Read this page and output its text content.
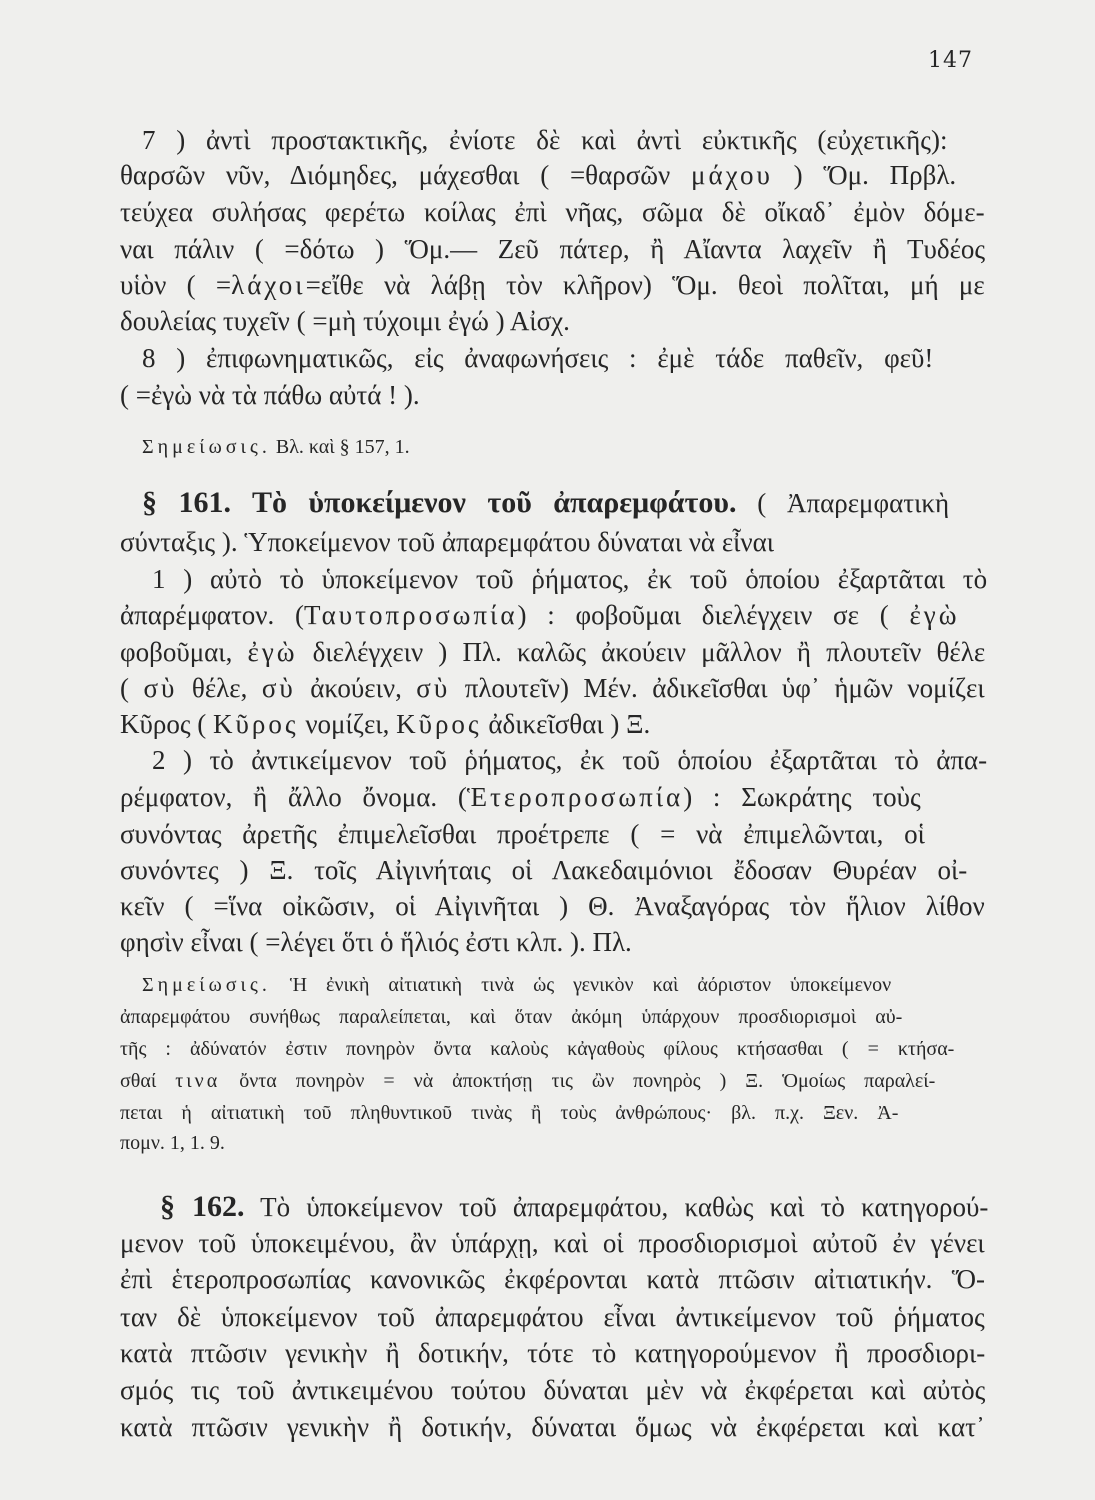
147
7 ) ἀντὶ προστακτικῆς, ἐνίοτε δὲ καὶ ἀντὶ εὐκτικῆς (εὐχετικῆς):
θαρσῶν νῦν, Διόμηδες, μάχεσθαι ( =θαρσῶν μάχου ) Ὅμ. Πρβλ.
τεύχεα συλήσας φερέτω κοίλας ἐπὶ νῆας, σῶμα δὲ οἴκαδ᾽ ἐμὸν δόμε-
ναι πάλιν ( =δότω ) Ὅμ.— Ζεῦ πάτερ, ἢ Αἴαντα λαχεῖν ἢ Τυδέος
υἱὸν ( =λάχοι=εἴθε νὰ λάβῃ τὸν κλῆρον) Ὅμ. θεοὶ πολῖται, μή με
δουλείας τυχεῖν ( =μὴ τύχοιμι ἐγώ ) Αἰσχ.
8 ) ἐπιφωνηματικῶς, εἰς ἀναφωνήσεις : ἐμὲ τάδε παθεῖν, φεῦ!
( =ἐγὼ νὰ τὰ πάθω αὐτά ! ).
Σημείωσις. Βλ. καὶ § 157, 1.
§ 161. Τὸ ὑποκείμενον τοῦ ἀπαρεμφάτου. ( Ἀπαρεμφατικὴ
σύνταξις ). Ὑποκείμενον τοῦ ἀπαρεμφάτου δύναται νὰ εἶναι
1 ) αὐτὸ τὸ ὑποκείμενον τοῦ ῥήματος, ἐκ τοῦ ὁποίου ἐξαρτᾶται τὸ
ἀπαρέμφατον. (Ταυτοπροσωπία) : φοβοῦμαι διελέγχειν σε ( ἐγὼ
φοβοῦμαι, ἐγὼ διελέγχειν ) Πλ. καλῶς ἀκούειν μᾶλλον ἢ πλουτεῖν θέλε
( σὺ θέλε, σὺ ἀκούειν, σὺ πλουτεῖν) Μέν. ἀδικεῖσθαι ὑφ᾽ ἡμῶν νομίζει
Κῦρος ( Κῦρος νομίζει, Κῦρος ἀδικεῖσθαι ) Ξ.
2 ) τὸ ἀντικείμενον τοῦ ῥήματος, ἐκ τοῦ ὁποίου ἐξαρτᾶται τὸ ἀπα-
ρέμφατον, ἢ ἄλλο ὄνομα. (Ἑτεροπροσωπία) : Σωκράτης τοὺς
συνόντας ἀρετῆς ἐπιμελεῖσθαι προέτρεπε ( = νὰ ἐπιμελῶνται, οἱ
συνόντες ) Ξ. τοῖς Αἰγινήταις οἱ Λακεδαιμόνιοι ἔδοσαν Θυρέαν οἰ-
κεῖν ( =ἵνα οἰκῶσιν, οἱ Αἰγινῆται ) Θ. Ἀναξαγόρας τὸν ἥλιον λίθον
φησὶν εἶναι ( =λέγει ὅτι ὁ ἥλιός ἐστι κλπ. ). Πλ.
Σημείωσις. Ἡ ἐνικὴ αἰτιατικὴ τινὰ ὡς γενικὸν καὶ ἀόριστον ὑποκείμενον
ἀπαρεμφάτου συνήθως παραλείπεται, καὶ ὅταν ἀκόμη ὑπάρχουν προσδιορισμοὶ αὐ-
τῆς : ἀδύνατόν ἐστιν πονηρὸν ὄντα καλοὺς κἀγαθοὺς φίλους κτήσασθαι ( = κτήσα-
σθαί τινα ὄντα πονηρὸν = νὰ ἀποκτήσῃ τις ὢν πονηρὸς ) Ξ. Ὁμοίως παραλεί-
πεται ἡ αἰτιατικὴ τοῦ πληθυντικοῦ τινὰς ἢ τοὺς ἀνθρώπους· βλ. π.χ. Ξεν. Ἀ-
πομν. 1, 1. 9.
§ 162. Τὸ ὑποκείμενον τοῦ ἀπαρεμφάτου, καθὼς καὶ τὸ κατηγορού-
μενον τοῦ ὑποκειμένου, ἂν ὑπάρχῃ, καὶ οἱ προσδιορισμοὶ αὐτοῦ ἐν γένει
ἐπὶ ἑτεροπροσωπίας κανονικῶς ἐκφέρονται κατὰ πτῶσιν αἰτιατικήν. Ὅ-
ταν δὲ ὑποκείμενον τοῦ ἀπαρεμφάτου εἶναι ἀντικείμενον τοῦ ῥήματος
κατὰ πτῶσιν γενικὴν ἢ δοτικήν, τότε τὸ κατηγορούμενον ἢ προσδιορι-
σμός τις τοῦ ἀντικειμένου τούτου δύναται μὲν νὰ ἐκφέρεται καὶ αὐτὸς
κατὰ πτῶσιν γενικὴν ἢ δοτικήν, δύναται ὅμως νὰ ἐκφέρεται καὶ κατ᾽
